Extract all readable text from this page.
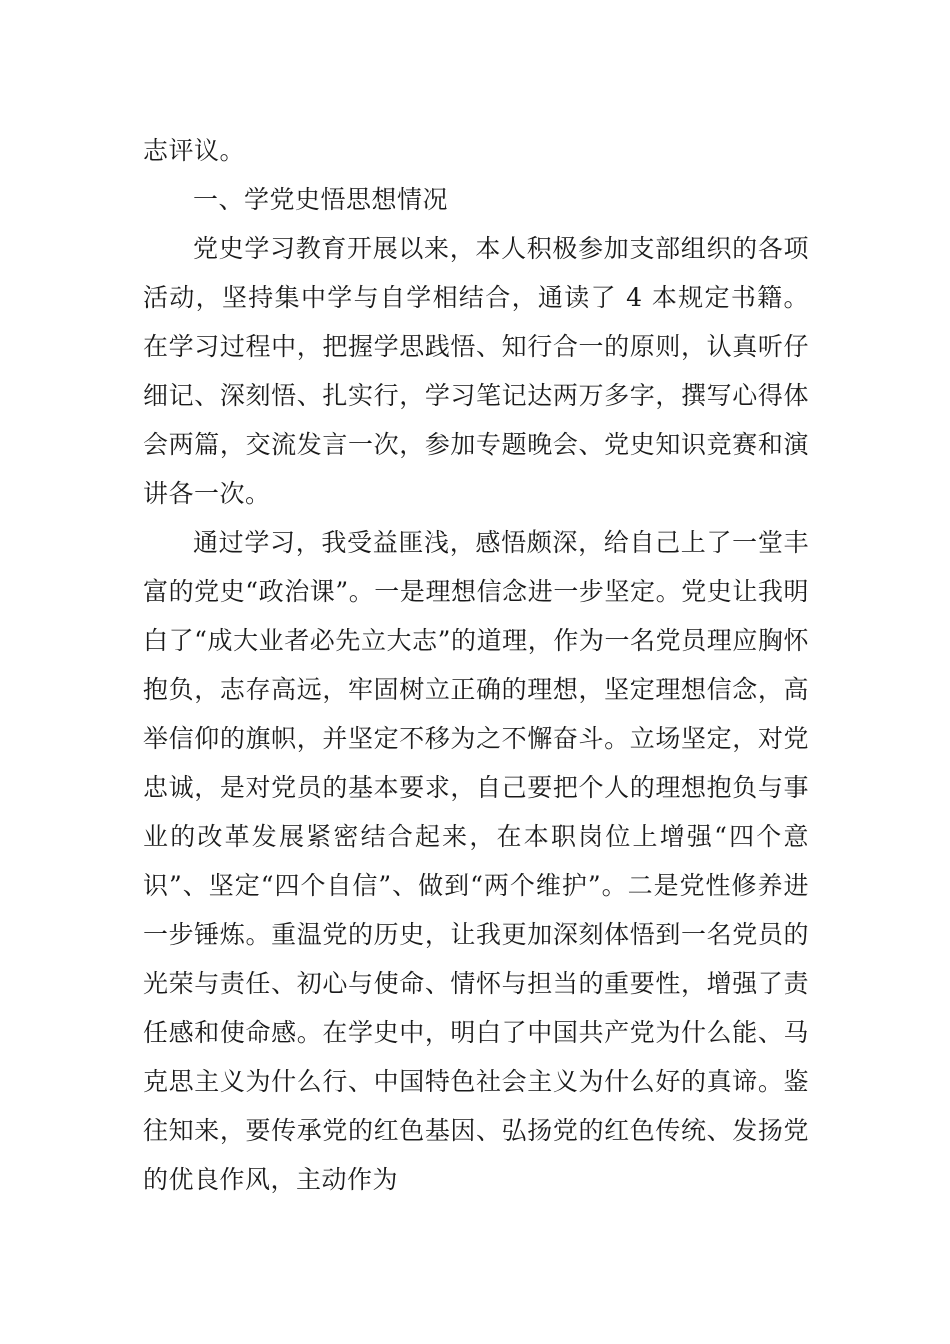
志评议。

一、学党史悟思想情况

党史学习教育开展以来，本人积极参加支部组织的各项活动，坚持集中学与自学相结合，通读了 4 本规定书籍。在学习过程中，把握学思践悟、知行合一的原则，认真听仔细记、深刻悟、扎实行，学习笔记达两万多字，撰写心得体会两篇，交流发言一次，参加专题晚会、党史知识竞赛和演讲各一次。

通过学习，我受益匪浅，感悟颇深，给自己上了一堂丰富的党史“政治课”。一是理想信念进一步坚定。党史让我明白了“成大业者必先立大志”的道理，作为一名党员理应胸怀抱负，志存高远，牢固树立正确的理想，坚定理想信念，高举信仰的旗帜，并坚定不移为之不懈奋斗。立场坚定，对党忠诚，是对党员的基本要求，自己要把个人的理想抱负与事业的改革发展紧密结合起来，在本职岗位上增强“四个意识”、坚定“四个自信”、做到“两个维护”。二是党性修养进一步锤炼。重温党的历史，让我更加深刻体悟到一名党员的光荣与责任、初心与使命、情怀与担当的重要性，增强了责任感和使命感。在学史中，明白了中国共产党为什么能、马克思主义为什么行、中国特色社会主义为什么好的真谛。鉴往知来，要传承党的红色基因、弘扬党的红色传统、发扬党的优良作风，主动作为
